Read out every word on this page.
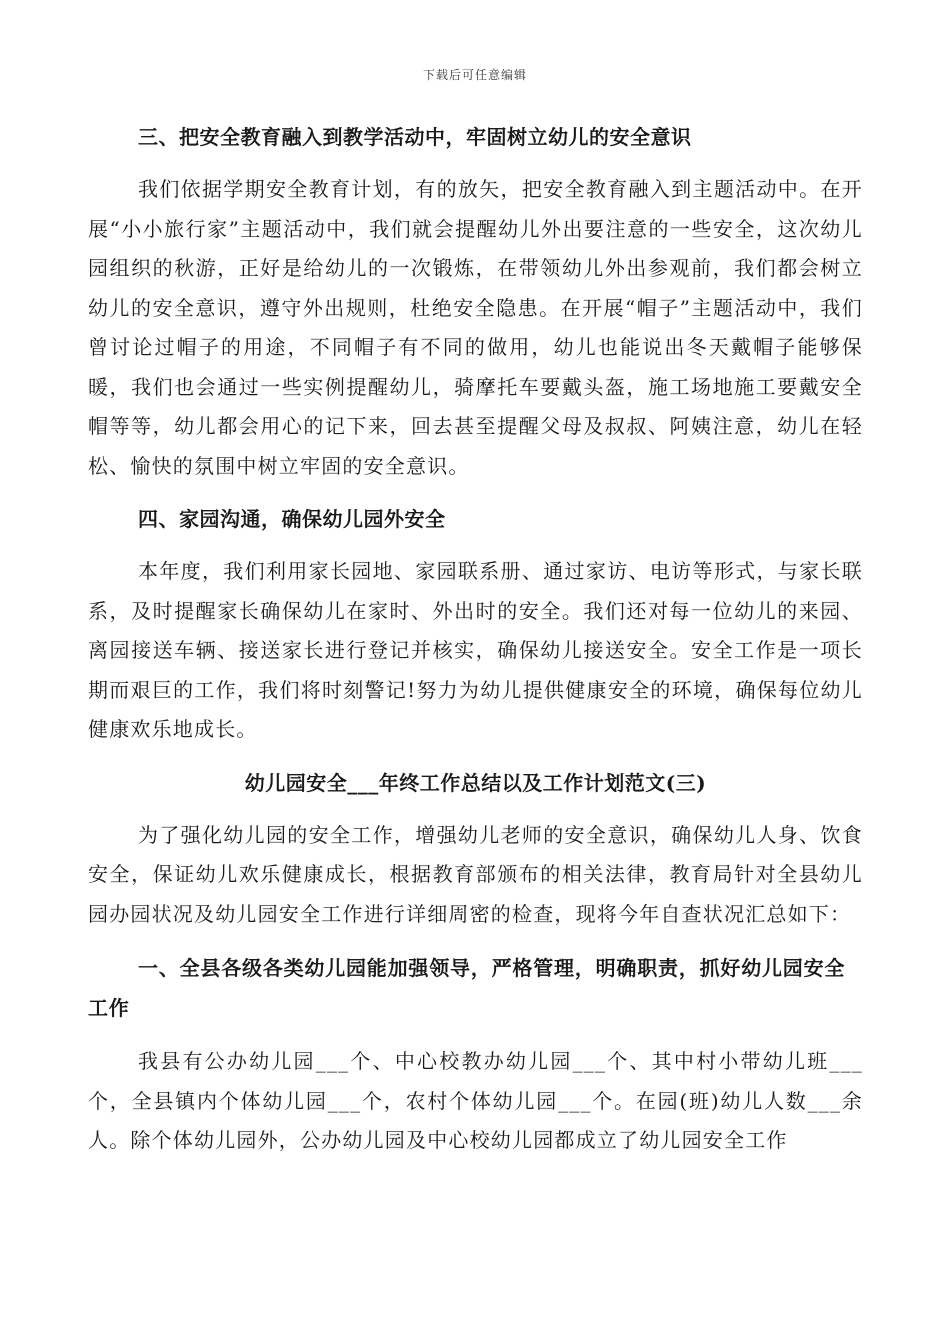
下载后可任意编辑

三、把安全教育融入到教学活动中，牢固树立幼儿的安全意识

我们依据学期安全教育计划，有的放矢，把安全教育融入到主题活动中。在开展“小小旅行家”主题活动中，我们就会提醒幼儿外出要注意的一些安全，这次幼儿园组织的秋游，正好是给幼儿的一次锻炼，在带领幼儿外出参观前，我们都会树立幼儿的安全意识，遵守外出规则，杜绝安全隐患。在开展“帽子”主题活动中，我们曾讨论过帽子的用途，不同帽子有不同的做用，幼儿也能说出冬天戴帽子能够保暖，我们也会通过一些实例提醒幼儿，骑摩托车要戴头盔，施工场地施工要戴安全帽等等，幼儿都会用心的记下来，回去甚至提醒父母及叔叔、阿姨注意，幼儿在轻松、愉快的氛围中树立牢固的安全意识。

四、家园沟通，确保幼儿园外安全

本年度，我们利用家长园地、家园联系册、通过家访、电访等形式，与家长联系，及时提醒家长确保幼儿在家时、外出时的安全。我们还对每一位幼儿的来园、离园接送车辆、接送家长进行登记并核实，确保幼儿接送安全。安全工作是一项长期而艰巨的工作，我们将时刻警记!努力为幼儿提供健康安全的环境，确保每位幼儿健康欢乐地成长。

幼儿园安全___年终工作总结以及工作计划范文(三)

为了强化幼儿园的安全工作，增强幼儿老师的安全意识，确保幼儿人身、饮食安全，保证幼儿欢乐健康成长，根据教育部颁布的相关法律，教育局针对全县幼儿园办园状况及幼儿园安全工作进行详细周密的检查，现将今年自查状况汇总如下：

一、全县各级各类幼儿园能加强领导，严格管理，明确职责，抓好幼儿园安全工作

我县有公办幼儿园___个、中心校教办幼儿园___个、其中村小带幼儿班___个，全县镇内个体幼儿园___个，农村个体幼儿园___个。在园(班)幼儿人数___余人。除个体幼儿园外，公办幼儿园及中心校幼儿园都成立了幼儿园安全工作
